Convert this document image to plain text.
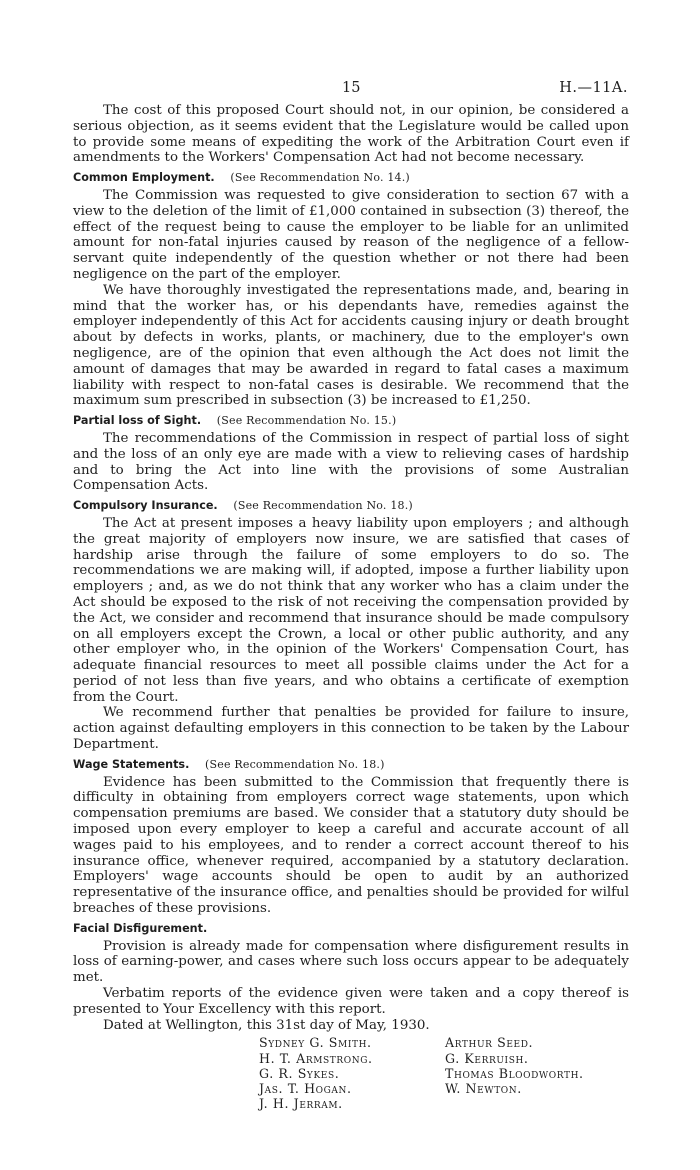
15	H.—11A.

The cost of this proposed Court should not, in our opinion, be considered a serious objection, as it seems evident that the Legislature would be called upon to provide some means of expediting the work of the Arbitration Court even if amendments to the Workers' Compensation Act had not become necessary.

Common Employment. (See Recommendation No. 14.)

The Commission was requested to give consideration to section 67 with a view to the deletion of the limit of £1,000 contained in subsection (3) thereof, the effect of the request being to cause the employer to be liable for an unlimited amount for non-fatal injuries caused by reason of the negligence of a fellow-servant quite independently of the question whether or not there had been negligence on the part of the employer.

We have thoroughly investigated the representations made, and, bearing in mind that the worker has, or his dependants have, remedies against the employer independently of this Act for accidents causing injury or death brought about by defects in works, plants, or machinery, due to the employer's own negligence, are of the opinion that even although the Act does not limit the amount of damages that may be awarded in regard to fatal cases a maximum liability with respect to non-fatal cases is desirable. We recommend that the maximum sum prescribed in subsection (3) be increased to £1,250.

Partial loss of Sight. (See Recommendation No. 15.)

The recommendations of the Commission in respect of partial loss of sight and the loss of an only eye are made with a view to relieving cases of hardship and to bring the Act into line with the provisions of some Australian Compensation Acts.

Compulsory Insurance. (See Recommendation No. 18.)

The Act at present imposes a heavy liability upon employers ; and although the great majority of employers now insure, we are satisfied that cases of hardship arise through the failure of some employers to do so. The recommendations we are making will, if adopted, impose a further liability upon employers ; and, as we do not think that any worker who has a claim under the Act should be exposed to the risk of not receiving the compensation provided by the Act, we consider and recommend that insurance should be made compulsory on all employers except the Crown, a local or other public authority, and any other employer who, in the opinion of the Workers' Compensation Court, has adequate financial resources to meet all possible claims under the Act for a period of not less than five years, and who obtains a certificate of exemption from the Court.

We recommend further that penalties be provided for failure to insure, action against defaulting employers in this connection to be taken by the Labour Department.

Wage Statements. (See Recommendation No. 18.)

Evidence has been submitted to the Commission that frequently there is difficulty in obtaining from employers correct wage statements, upon which compensation premiums are based. We consider that a statutory duty should be imposed upon every employer to keep a careful and accurate account of all wages paid to his employees, and to render a correct account thereof to his insurance office, whenever required, accompanied by a statutory declaration. Employers' wage accounts should be open to audit by an authorized representative of the insurance office, and penalties should be provided for wilful breaches of these provisions.

Facial Disfigurement.

Provision is already made for compensation where disfigurement results in loss of earning-power, and cases where such loss occurs appear to be adequately met.

Verbatim reports of the evidence given were taken and a copy thereof is presented to Your Excellency with this report.

Dated at Wellington, this 31st day of May, 1930.

Sydney G. Smith.
H. T. Armstrong.
G. R. Sykes.
Jas. T. Hogan.
J. H. Jerram.
Arthur Seed.
G. Kerruish.
Thomas Bloodworth.
W. Newton.
